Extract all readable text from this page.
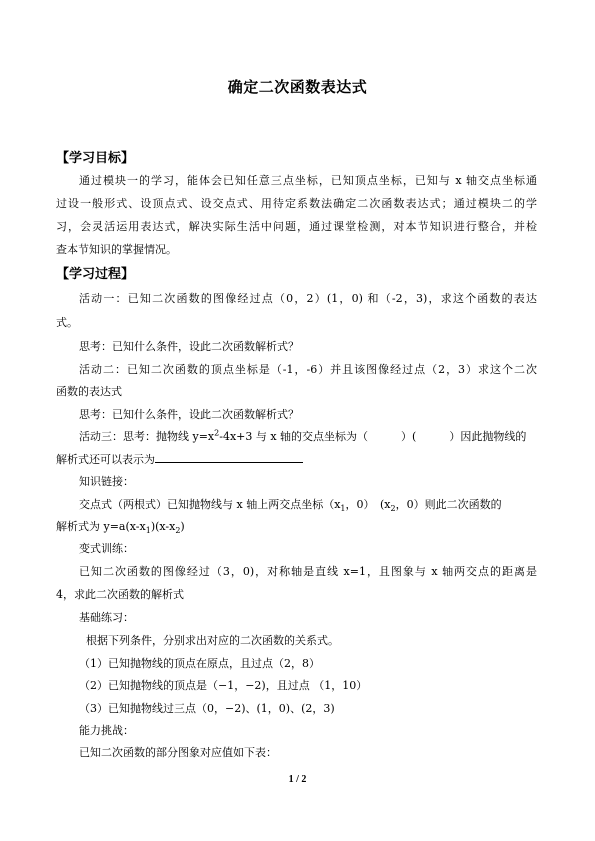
确定二次函数表达式
【学习目标】
通过模块一的学习，能体会已知任意三点坐标，已知顶点坐标，已知与 x 轴交点坐标通
过设一般形式、设顶点式、设交点式、用待定系数法确定二次函数表达式；通过模块二的学
习，会灵活运用表达式，解决实际生活中问题，通过课堂检测，对本节知识进行整合，并检
查本节知识的掌握情况。
【学习过程】
活动一：已知二次函数的图像经过点（0，2）(1，0) 和（-2，3)，求这个函数的表达
式。
思考：已知什么条件，设此二次函数解析式？
活动二：已知二次函数的顶点坐标是（-1，-6）并且该图像经过点（2，3）求这个二次
函数的表达式
思考：已知什么条件，设此二次函数解析式？
活动三：思考：抛物线 $y=x^2-4x+3$ 与 x 轴的交点坐标为（　　　）(　　　）因此抛物线的
解析式还可以表示为
知识链接：
交点式（两根式）已知抛物线与 x 轴上两交点坐标（$x_1$，0）　($x_2$，0）则此二次函数的
解析式为 $y=a(x-x_1)(x-x_2)$
变式训练：
已知二次函数的图像经过（3，0)，对称轴是直线 x=1，且图象与 x 轴两交点的距离是
4，求此二次函数的解析式
基础练习：
根据下列条件，分别求出对应的二次函数的关系式。
（1）已知抛物线的顶点在原点，且过点（2，8）
（2）已知抛物线的顶点是（−1，−2)，且过点 （1，10）
（3）已知抛物线过三点（0，−2)、(1，0)、(2，3)
能力挑战：
已知二次函数的部分图象对应值如下表：
1 / 2
